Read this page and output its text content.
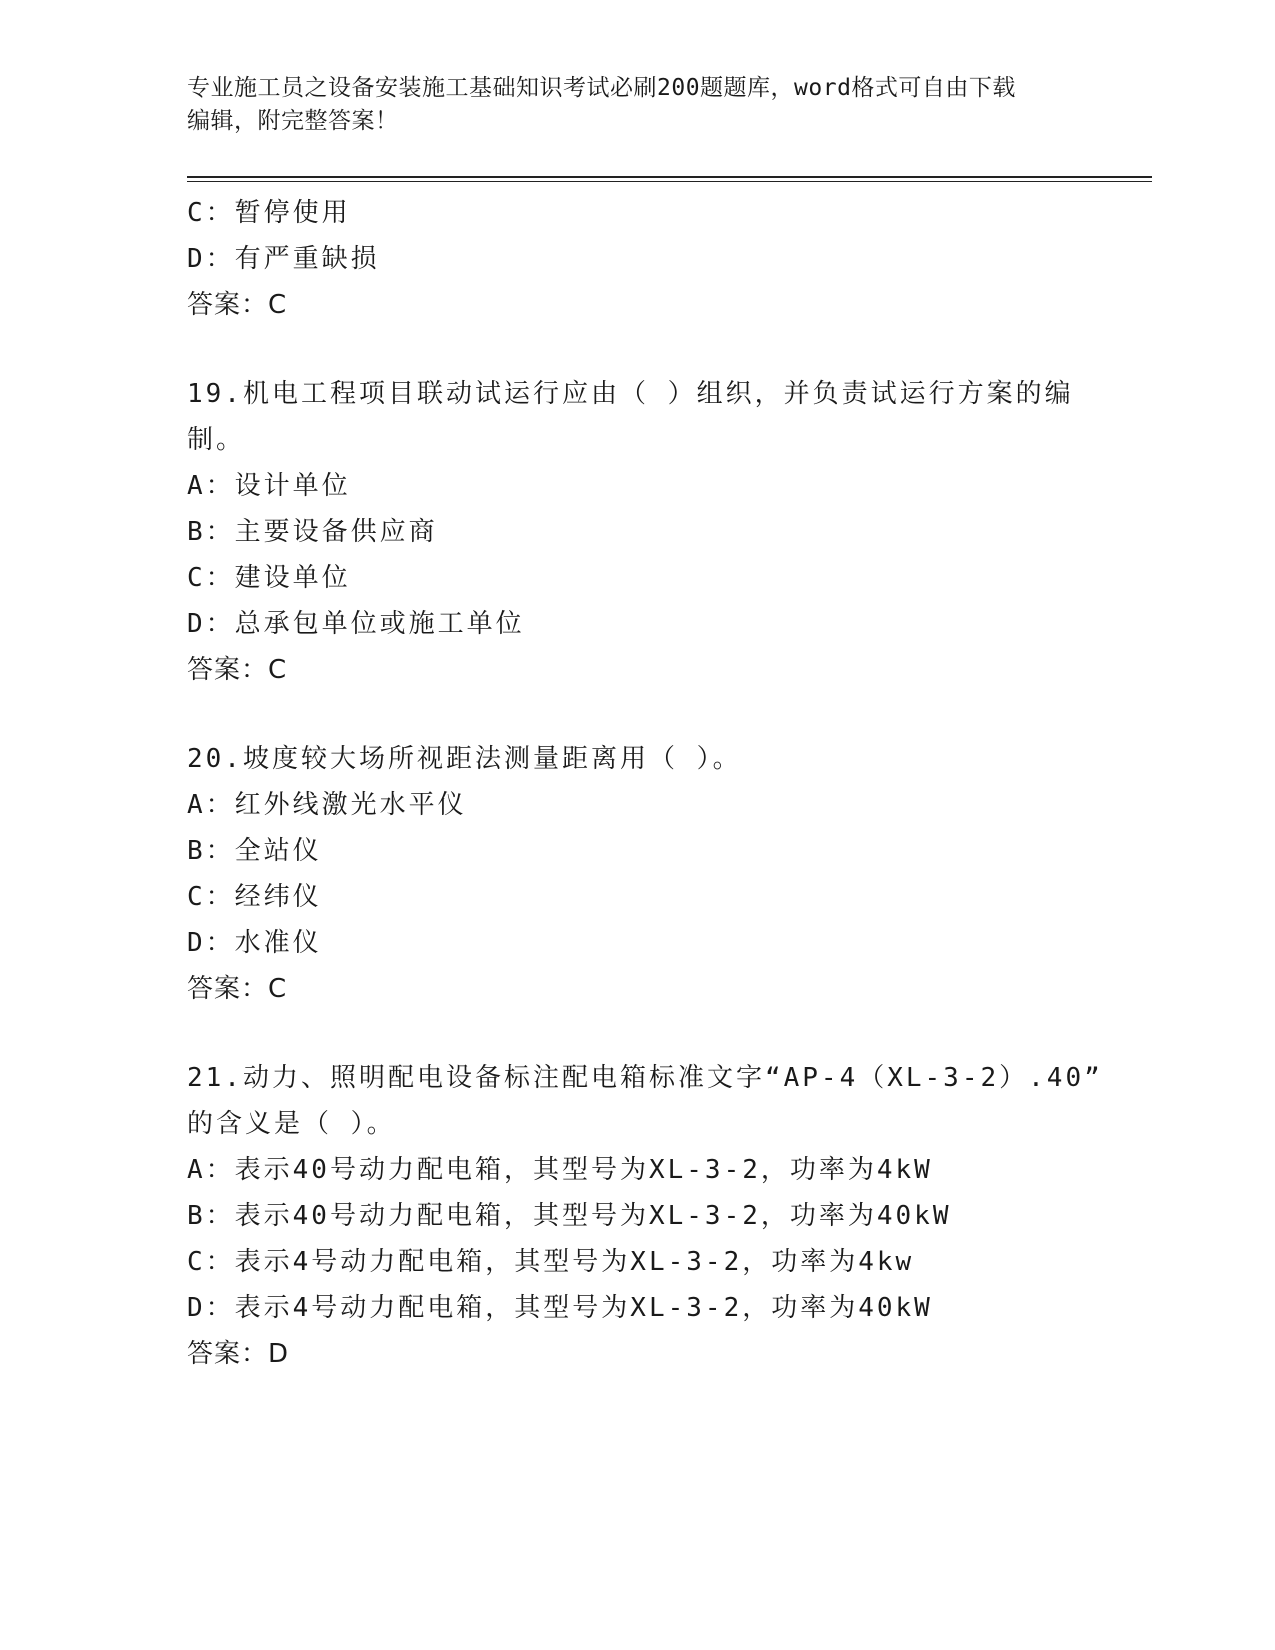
专业施工员之设备安装施工基础知识考试必刷200题题库，word格式可自由下载
编辑，附完整答案！
C：暂停使用
D：有严重缺损
答案：C
19.机电工程项目联动试运行应由（ ）组织，并负责试运行方案的编
制。
A：设计单位
B：主要设备供应商
C：建设单位
D：总承包单位或施工单位
答案：C
20.坡度较大场所视距法测量距离用（ ）。
A：红外线激光水平仪
B：全站仪
C：经纬仪
D：水准仪
答案：C
21.动力、照明配电设备标注配电箱标准文字“AP-4（XL-3-2）.40”
的含义是（ ）。
A：表示40号动力配电箱，其型号为XL-3-2，功率为4kW
B：表示40号动力配电箱，其型号为XL-3-2，功率为40kW
C：表示4号动力配电箱，其型号为XL-3-2，功率为4kw
D：表示4号动力配电箱，其型号为XL-3-2，功率为40kW
答案：D
